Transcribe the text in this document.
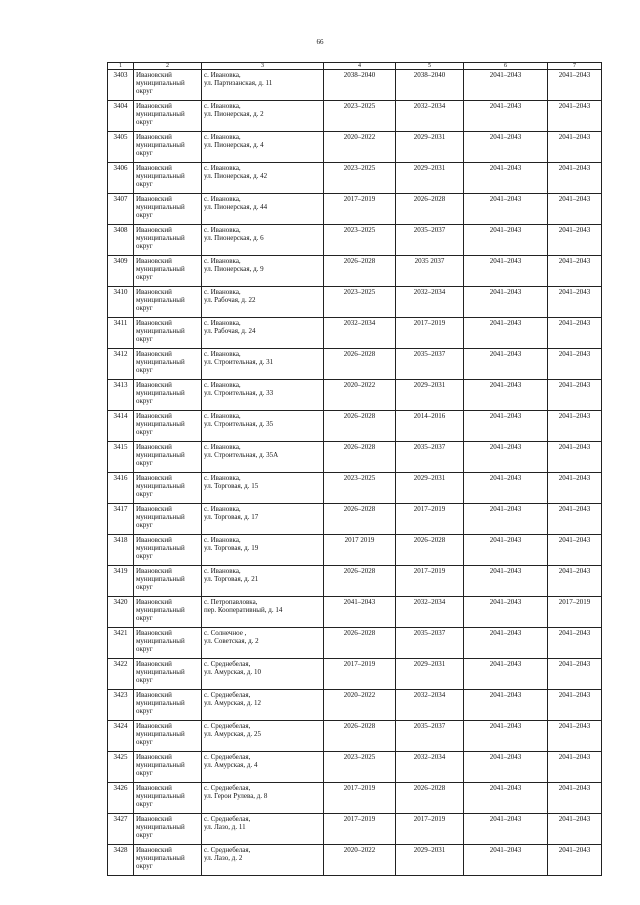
66
1	2	3	4	5	6	7
3403	Ивановский
муниципальный
округ	с. Ивановка,
ул. Партизанская, д. 11	2038–2040	2038–2040	2041–2043	2041–2043
3404	Ивановский
муниципальный
округ	с. Ивановка,
ул. Пионерская, д. 2	2023–2025	2032–2034	2041–2043	2041–2043
3405	Ивановский
муниципальный
округ	с. Ивановка,
ул. Пионерская, д. 4	2020–2022	2029–2031	2041–2043	2041–2043
3406	Ивановский
муниципальный
округ	с. Ивановка,
ул. Пионерская, д. 42	2023–2025	2029–2031	2041–2043	2041–2043
3407	Ивановский
муниципальный
округ	с. Ивановка,
ул. Пионерская, д. 44	2017–2019	2026–2028	2041–2043	2041–2043
3408	Ивановский
муниципальный
округ	с. Ивановка,
ул. Пионерская, д. 6	2023–2025	2035–2037	2041–2043	2041–2043
3409	Ивановский
муниципальный
округ	с. Ивановка,
ул. Пионерская, д. 9	2026–2028	2035 2037	2041–2043	2041–2043
3410	Ивановский
муниципальный
округ	с. Ивановка,
ул. Рабочая, д. 22	2023–2025	2032–2034	2041–2043	2041–2043
3411	Ивановский
муниципальный
округ	с. Ивановка,
ул. Рабочая, д. 24	2032–2034	2017–2019	2041–2043	2041–2043
3412	Ивановский
муниципальный
округ	с. Ивановка,
ул. Строительная, д. 31	2026–2028	2035–2037	2041–2043	2041–2043
3413	Ивановский
муниципальный
округ	с. Ивановка,
ул. Строительная, д. 33	2020–2022	2029–2031	2041–2043	2041–2043
3414	Ивановский
муниципальный
округ	с. Ивановка,
ул. Строительная, д. 35	2026–2028	2014–2016	2041–2043	2041–2043
3415	Ивановский
муниципальный
округ	с. Ивановка,
ул. Строительная, д. 35А	2026–2028	2035–2037	2041–2043	2041–2043
3416	Ивановский
муниципальный
округ	с. Ивановка,
ул. Торговая, д. 15	2023–2025	2029–2031	2041–2043	2041–2043
3417	Ивановский
муниципальный
округ	с. Ивановка,
ул. Торговая, д. 17	2026–2028	2017–2019	2041–2043	2041–2043
3418	Ивановский
муниципальный
округ	с. Ивановка,
ул. Торговая, д. 19	2017 2019	2026–2028	2041–2043	2041–2043
3419	Ивановский
муниципальный
округ	с. Ивановка,
ул. Торговая, д. 21	2026–2028	2017–2019	2041–2043	2041–2043
3420	Ивановский
муниципальный
округ	с. Петропавловка,
пер. Кооперативный, д. 14	2041–2043	2032–2034	2041–2043	2017–2019
3421	Ивановский
муниципальный
округ	с. Солнечное ,
ул. Советская, д. 2	2026–2028	2035–2037	2041–2043	2041–2043
3422	Ивановский
муниципальный
округ	с. Среднебелая,
ул. Амурская, д. 10	2017–2019	2029–2031	2041–2043	2041–2043
3423	Ивановский
муниципальный
округ	с. Среднебелая,
ул. Амурская, д. 12	2020–2022	2032–2034	2041–2043	2041–2043
3424	Ивановский
муниципальный
округ	с. Среднебелая,
ул. Амурская, д. 25	2026–2028	2035–2037	2041–2043	2041–2043
3425	Ивановский
муниципальный
округ	с. Среднебелая,
ул. Амурская, д. 4	2023–2025	2032–2034	2041–2043	2041–2043
3426	Ивановский
муниципальный
округ	с. Среднебелая,
ул. Герои Рулева, д. 8	2017–2019	2026–2028	2041–2043	2041–2043
3427	Ивановский
муниципальный
округ	с. Среднебелая,
ул. Лазо, д. 11	2017–2019	2017–2019	2041–2043	2041–2043
3428	Ивановский
муниципальный
округ	с. Среднебелая,
ул. Лазо, д. 2	2020–2022	2029–2031	2041–2043	2041–2043
